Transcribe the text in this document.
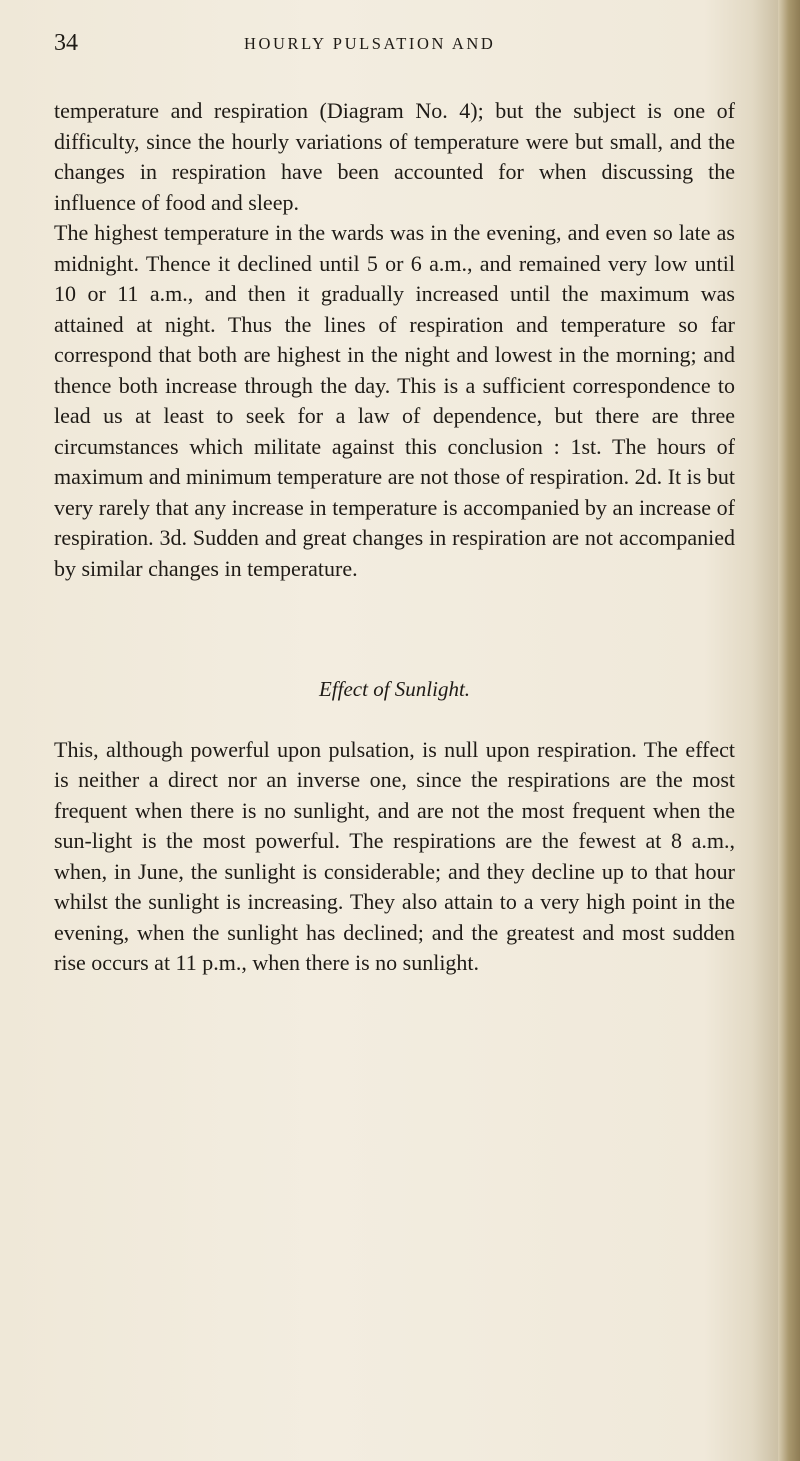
34	HOURLY PULSATION AND

temperature and respiration (Diagram No. 4); but the subject is one of difficulty, since the hourly variations of temperature were but small, and the changes in respiration have been accounted for when discussing the influence of food and sleep.

The highest temperature in the wards was in the evening, and even so late as midnight. Thence it declined until 5 or 6 a.m., and remained very low until 10 or 11 a.m., and then it gradually increased until the maximum was attained at night. Thus the lines of respiration and temperature so far correspond that both are highest in the night and lowest in the morning; and thence both increase through the day. This is a sufficient correspondence to lead us at least to seek for a law of dependence, but there are three circumstances which militate against this conclusion : 1st. The hours of maximum and minimum temperature are not those of respiration. 2d. It is but very rarely that any increase in temperature is accompanied by an increase of respiration. 3d. Sudden and great changes in respiration are not accompanied by similar changes in temperature.

Effect of Sunlight.

This, although powerful upon pulsation, is null upon respiration. The effect is neither a direct nor an inverse one, since the respirations are the most frequent when there is no sunlight, and are not the most frequent when the sun-light is the most powerful. The respirations are the fewest at 8 a.m., when, in June, the sunlight is considerable; and they decline up to that hour whilst the sunlight is increasing. They also attain to a very high point in the evening, when the sunlight has declined; and the greatest and most sudden rise occurs at 11 p.m., when there is no sunlight.
